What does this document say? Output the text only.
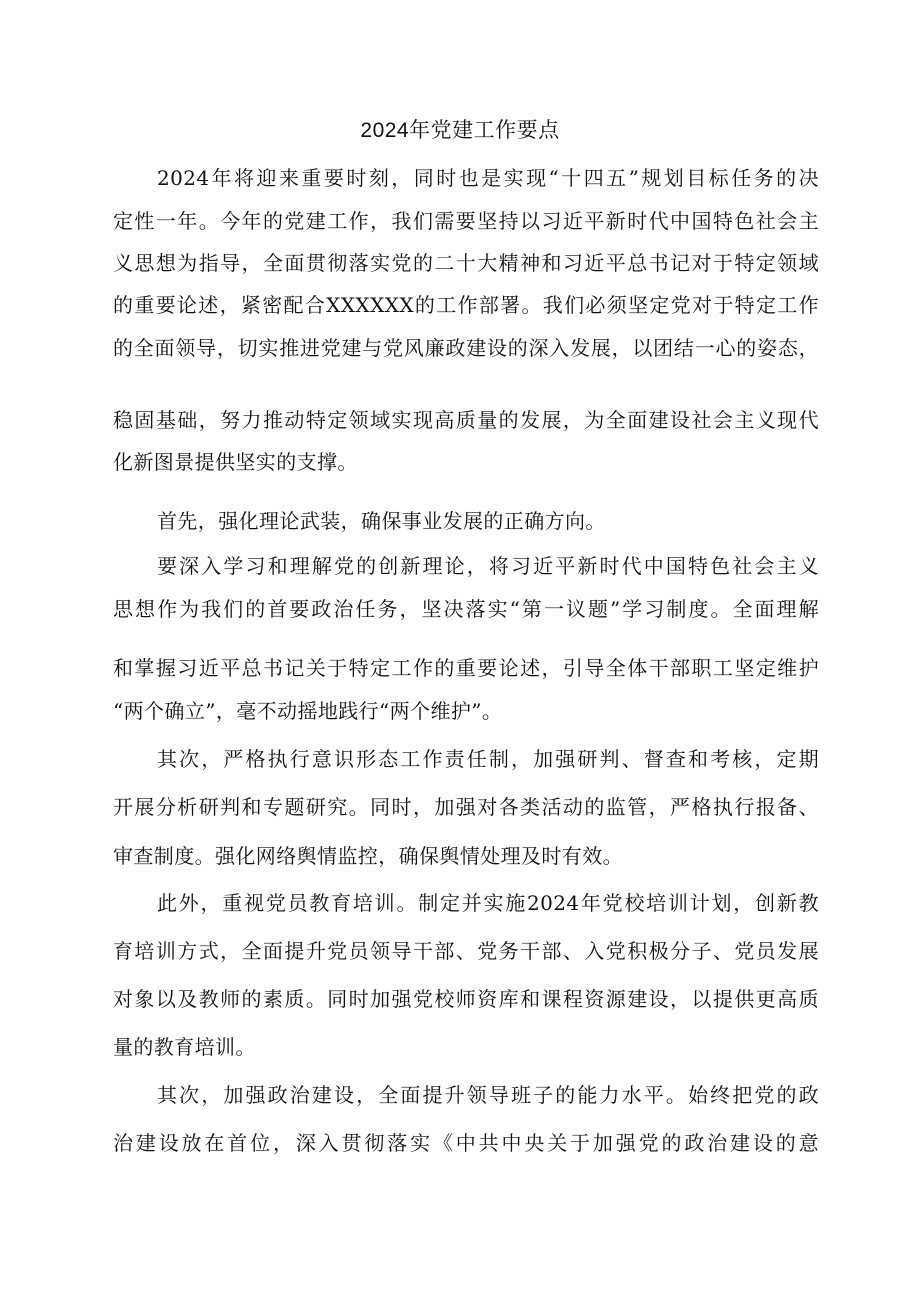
2024年党建工作要点
2024年将迎来重要时刻，同时也是实现“十四五”规划目标任务的决
定性一年。今年的党建工作，我们需要坚持以习近平新时代中国特色社会主
义思想为指导，全面贯彻落实党的二十大精神和习近平总书记对于特定领域
的重要论述，紧密配合XXXXXX的工作部署。我们必须坚定党对于特定工作
的全面领导，切实推进党建与党风廉政建设的深入发展，以团结一心的姿态，
稳固基础，努力推动特定领域实现高质量的发展，为全面建设社会主义现代
化新图景提供坚实的支撑。
首先，强化理论武装，确保事业发展的正确方向。
要深入学习和理解党的创新理论，将习近平新时代中国特色社会主义
思想作为我们的首要政治任务，坚决落实“第一议题”学习制度。全面理解
和掌握习近平总书记关于特定工作的重要论述，引导全体干部职工坚定维护
“两个确立”，毫不动摇地践行“两个维护”。
其次，严格执行意识形态工作责任制，加强研判、督查和考核，定期
开展分析研判和专题研究。同时，加强对各类活动的监管，严格执行报备、
审查制度。强化网络舆情监控，确保舆情处理及时有效。
此外，重视党员教育培训。制定并实施2024年党校培训计划，创新教
育培训方式，全面提升党员领导干部、党务干部、入党积极分子、党员发展
对象以及教师的素质。同时加强党校师资库和课程资源建设，以提供更高质
量的教育培训。
其次，加强政治建设，全面提升领导班子的能力水平。始终把党的政
治建设放在首位，深入贯彻落实《中共中央关于加强党的政治建设的意
